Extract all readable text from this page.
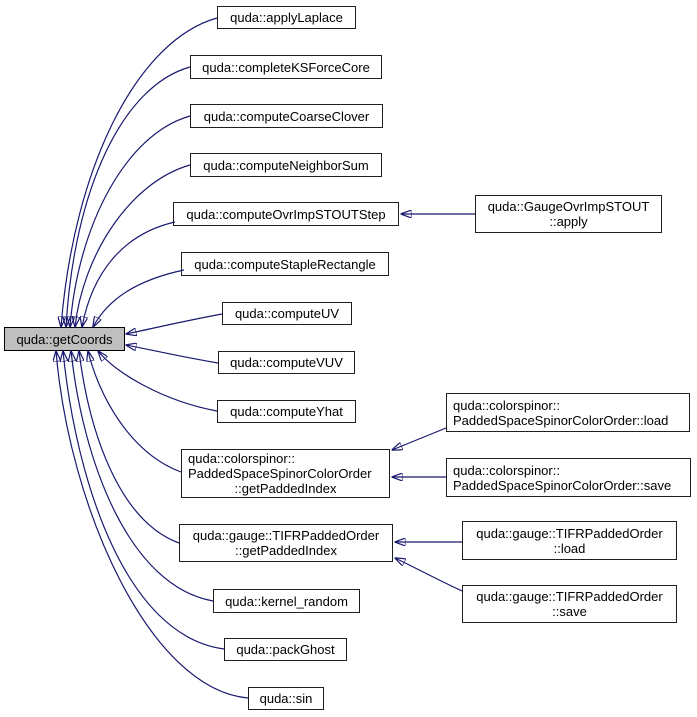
quda::getCoords
quda::applyLaplace
quda::completeKSForceCore
quda::computeCoarseClover
quda::computeNeighborSum
quda::computeOvrImpSTOUTStep
quda::computeStapleRectangle
quda::computeUV
quda::computeVUV
quda::computeYhat
quda::colorspinor::
PaddedSpaceSpinorColorOrder
::getPaddedIndex
quda::gauge::TIFRPaddedOrder
::getPaddedIndex
quda::kernel_random
quda::packGhost
quda::sin
quda::GaugeOvrImpSTOUT
::apply
quda::colorspinor::
PaddedSpaceSpinorColorOrder::load
quda::colorspinor::
PaddedSpaceSpinorColorOrder::save
quda::gauge::TIFRPaddedOrder
::load
quda::gauge::TIFRPaddedOrder
::save
